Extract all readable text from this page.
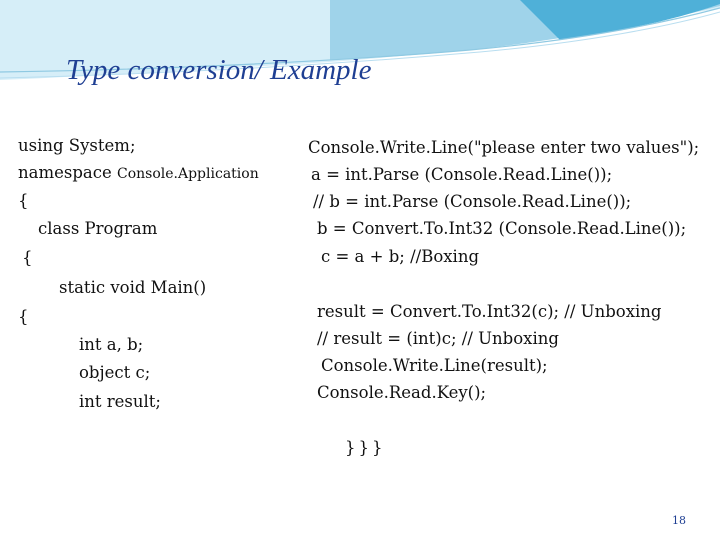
Type conversion/ Example
using System;
namespace Console.Application
{
class Program
{
static void Main()
{
int a, b;
object c;
int result;
Console.Write.Line("please enter two values");
a = int.Parse (Console.Read.Line());
// b = int.Parse (Console.Read.Line());
b = Convert.To.Int32 (Console.Read.Line());
c = a + b; //Boxing
result = Convert.To.Int32(c); // Unboxing
// result = (int)c; // Unboxing
Console.Write.Line(result);
Console.Read.Key();
}}}
18
